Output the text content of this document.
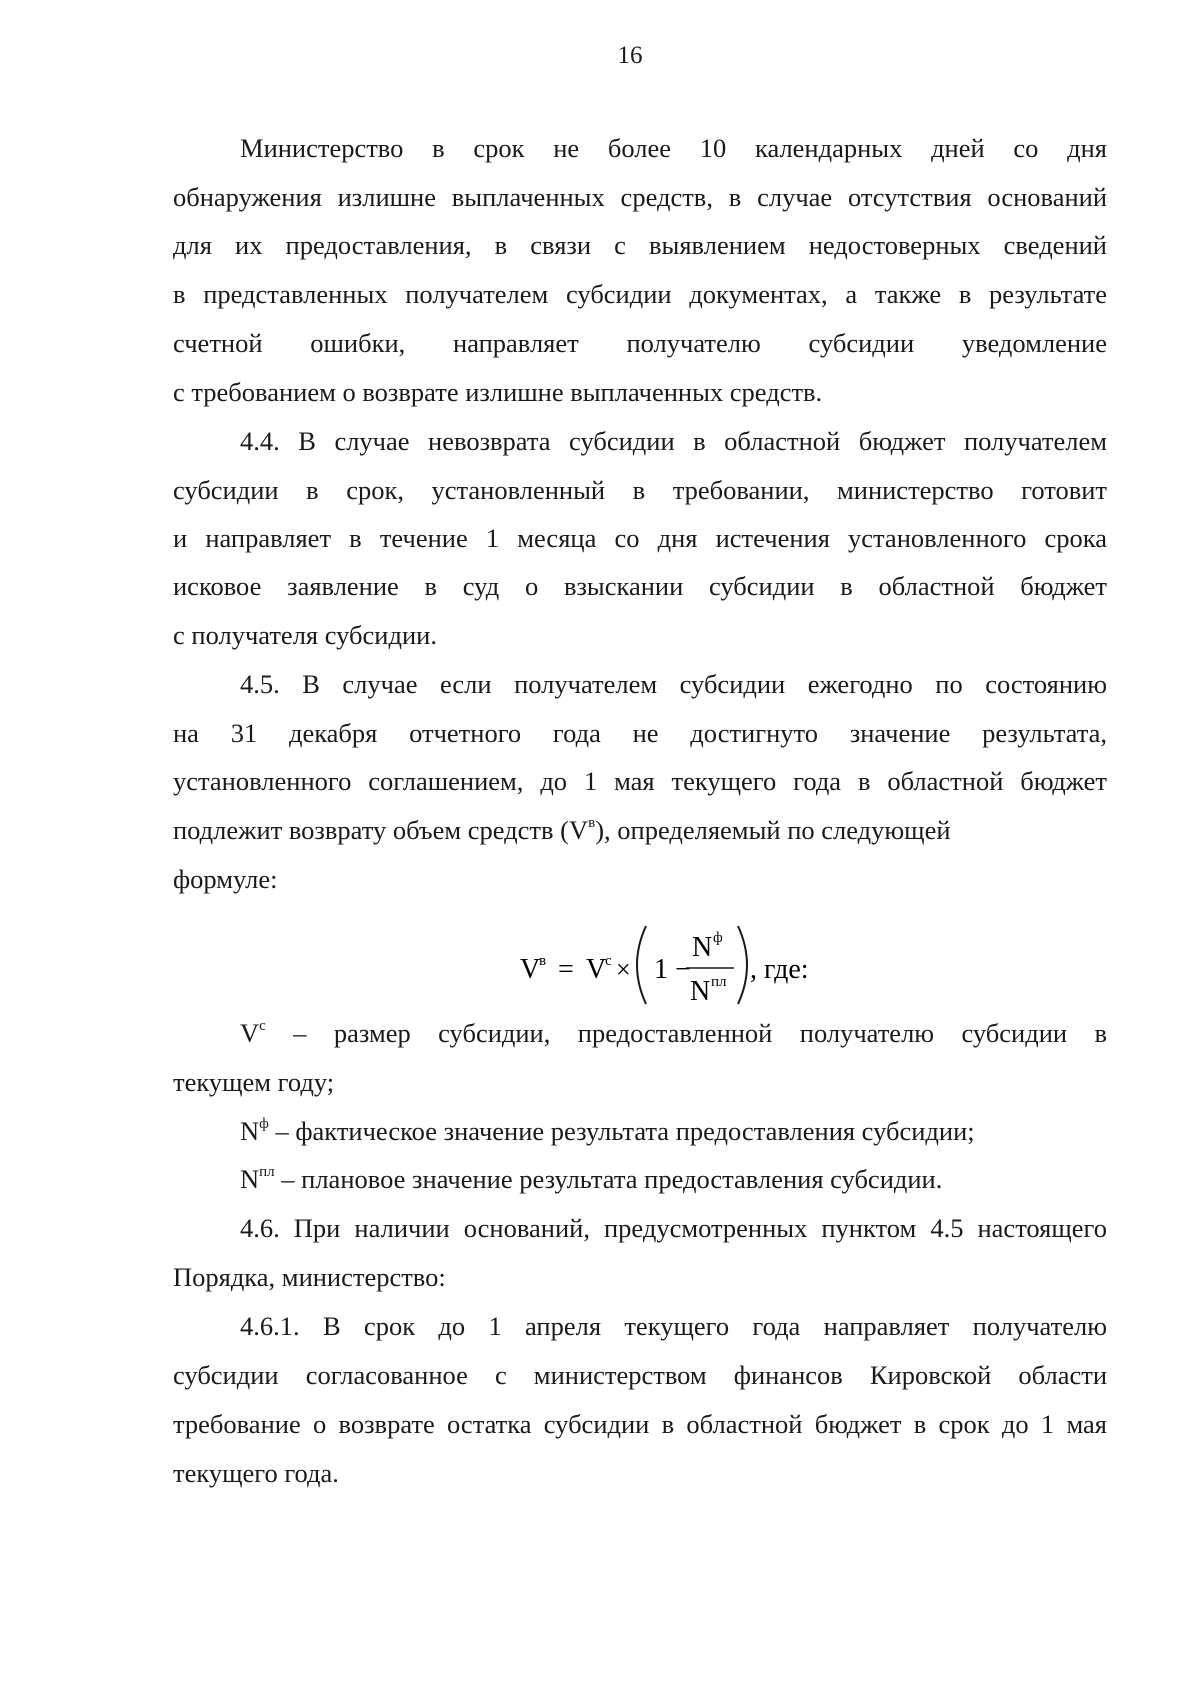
16
Министерство в срок не более 10 календарных дней со дня
обнаружения излишне выплаченных средств, в случае отсутствия оснований
для их предоставления, в связи с выявлением недостоверных сведений
в представленных получателем субсидии документах, а также в результате
счетной ошибки, направляет получателю субсидии уведомление
с требованием о возврате излишне выплаченных средств.
4.4. В случае невозврата субсидии в областной бюджет получателем
субсидии в срок, установленный в требовании, министерство готовит
и направляет в течение 1 месяца со дня истечения установленного срока
исковое заявление в суд о взыскании субсидии в областной бюджет
с получателя субсидии.
4.5. В случае если получателем субсидии ежегодно по состоянию
на 31 декабря отчетного года не достигнуто значение результата,
установленного соглашением, до 1 мая текущего года в областной бюджет
подлежит возврату объем средств $(V^в)$, определяемый по следующей
формуле:
V
в = V
с × 1 −
N ф
N пл , где:
$V^с$ – размер субсидии, предоставленной получателю субсидии в
текущем году;
$N^ф$ – фактическое значение результата предоставления субсидии;
$N^{пл}$ – плановое значение результата предоставления субсидии.
4.6. При наличии оснований, предусмотренных пунктом 4.5 настоящего
Порядка, министерство:
4.6.1. В срок до 1 апреля текущего года направляет получателю
субсидии согласованное с министерством финансов Кировской области
требование о возврате остатка субсидии в областной бюджет в срок до 1 мая
текущего года.
